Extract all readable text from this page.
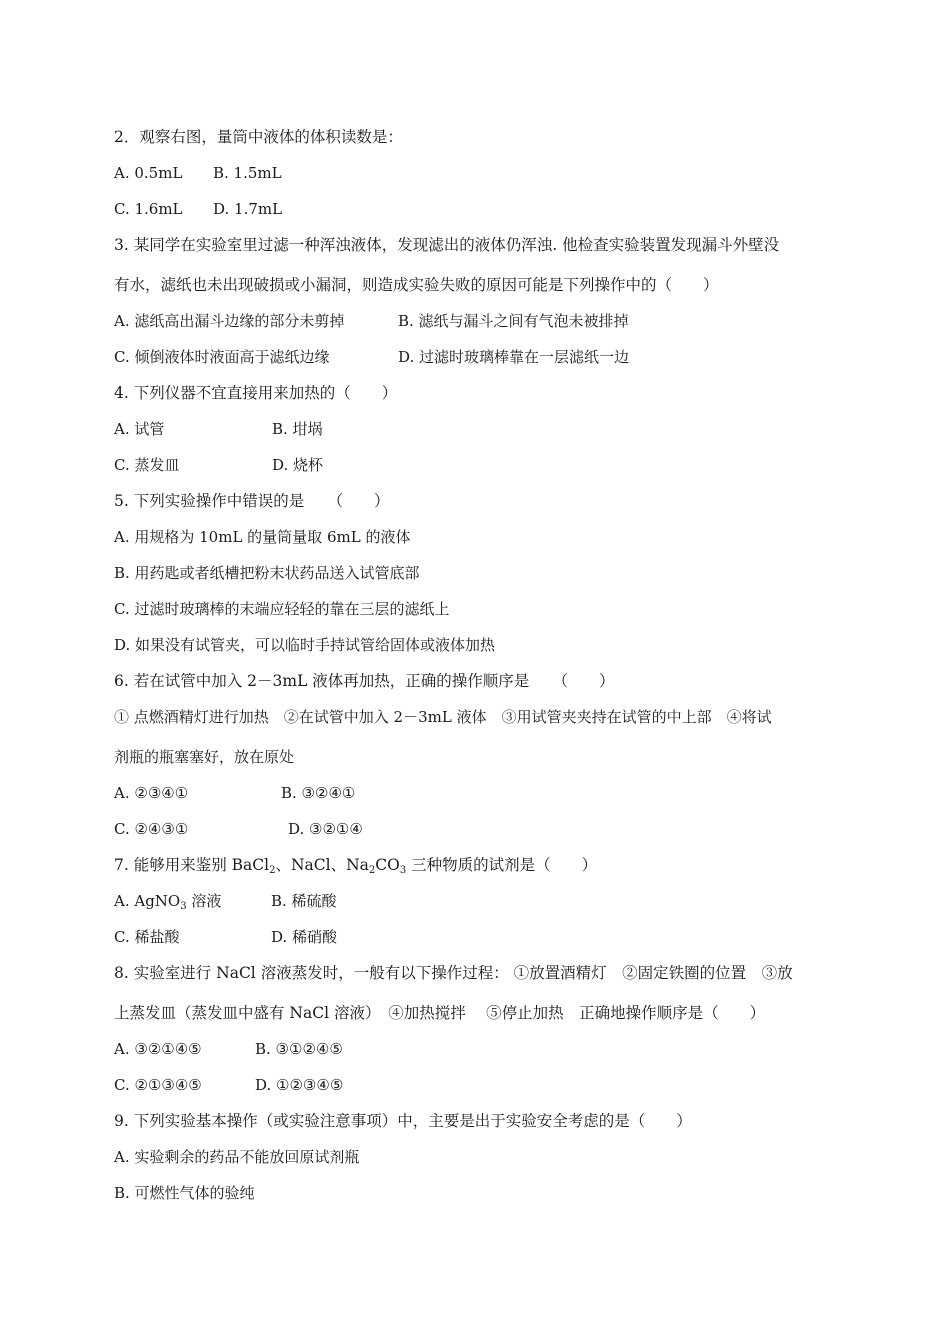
2．观察右图，量筒中液体的体积读数是：
A. 0.5mL B. 1.5mL
C. 1.6mL D. 1.7mL
3. 某同学在实验室里过滤一种浑浊液体，发现滤出的液体仍浑浊. 他检查实验装置发现漏斗外壁没
有水，滤纸也未出现破损或小漏洞，则造成实验失败的原因可能是下列操作中的（　　）
A. 滤纸高出漏斗边缘的部分未剪掉	B. 滤纸与漏斗之间有气泡未被排掉
C. 倾倒液体时液面高于滤纸边缘	D. 过滤时玻璃棒靠在一层滤纸一边
4. 下列仪器不宜直接用来加热的（　　）
A. 试管	B. 坩埚
C. 蒸发皿	D. 烧杯
5. 下列实验操作中错误的是　　（　　）
A. 用规格为 10mL 的量筒量取 6mL 的液体
B. 用药匙或者纸槽把粉末状药品送入试管底部
C. 过滤时玻璃棒的末端应轻轻的靠在三层的滤纸上
D. 如果没有试管夹，可以临时手持试管给固体或液体加热
6. 若在试管中加入 2－3mL 液体再加热，正确的操作顺序是　　（　　）
① 点燃酒精灯进行加热　②在试管中加入 2－3mL 液体　③用试管夹夹持在试管的中上部　④将试
剂瓶的瓶塞塞好，放在原处
A. ②③④①	B. ③②④①
C. ②④③①	D. ③②①④
7. 能够用来鉴别 BaCl$_2$、NaCl、$Na_2CO_3$ 三种物质的试剂是（　　）
A. AgNO$_3$ 溶液	B. 稀硫酸
C. 稀盐酸	D. 稀硝酸
8. 实验室进行 NaCl 溶液蒸发时，一般有以下操作过程： ①放置酒精灯　②固定铁圈的位置　③放
上蒸发皿（蒸发皿中盛有 NaCl 溶液）　④加热搅拌　 ⑤停止加热　正确地操作顺序是（　　）
A. ③②①④⑤	B. ③①②④⑤
C. ②①③④⑤	D. ①②③④⑤
9. 下列实验基本操作（或实验注意事项）中，主要是出于实验安全考虑的是（　　）
A. 实验剩余的药品不能放回原试剂瓶
B. 可燃性气体的验纯
